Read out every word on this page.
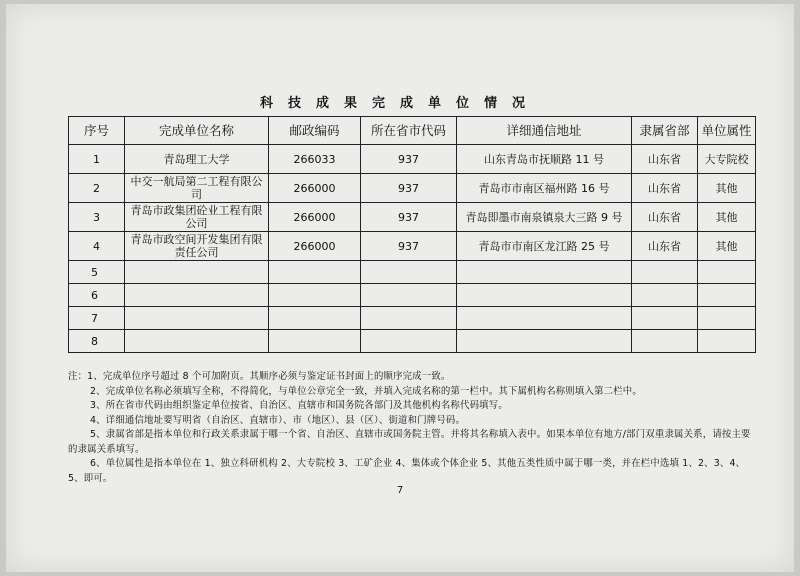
科技成果完成单位情况
序号	完成单位名称	邮政编码	所在省市代码	详细通信地址	隶属省部	单位属性
1	青岛理工大学	266033	937	山东青岛市抚顺路 11 号	山东省	大专院校
2	中交一航局第二工程有限公司	266000	937	青岛市市南区福州路 16 号	山东省	其他
3	青岛市政集团砼业工程有限公司	266000	937	青岛即墨市南泉镇泉大三路 9 号	山东省	其他
4	青岛市政空间开发集团有限责任公司	266000	937	青岛市市南区龙江路 25 号	山东省	其他
5						
6						
7						
8						

注：1、完成单位序号超过 8 个可加附页。其顺序必须与鉴定证书封面上的顺序完成一致。

2、完成单位名称必须填写全称，不得简化，与单位公章完全一致，并填入完成名称的第一栏中。其下属机构名称则填入第二栏中。

3、所在省市代码由组织鉴定单位按省、自治区、直辖市和国务院各部门及其他机构名称代码填写。

4、详细通信地址要写明省（自治区、直辖市）、市（地区）、县（区）、街道和门牌号码。

5、隶属省部是指本单位和行政关系隶属于哪一个省、自治区、直辖市或国务院主管。并将其名称填入表中。如果本单位有地方/部门双重隶属关系，请按主要的隶属关系填写。

6、单位属性是指本单位在 1、独立科研机构 2、大专院校 3、工矿企业 4、集体或个体企业 5、其他五类性质中属于哪一类，并在栏中选填 1、2、3、4、5、即可。

7
